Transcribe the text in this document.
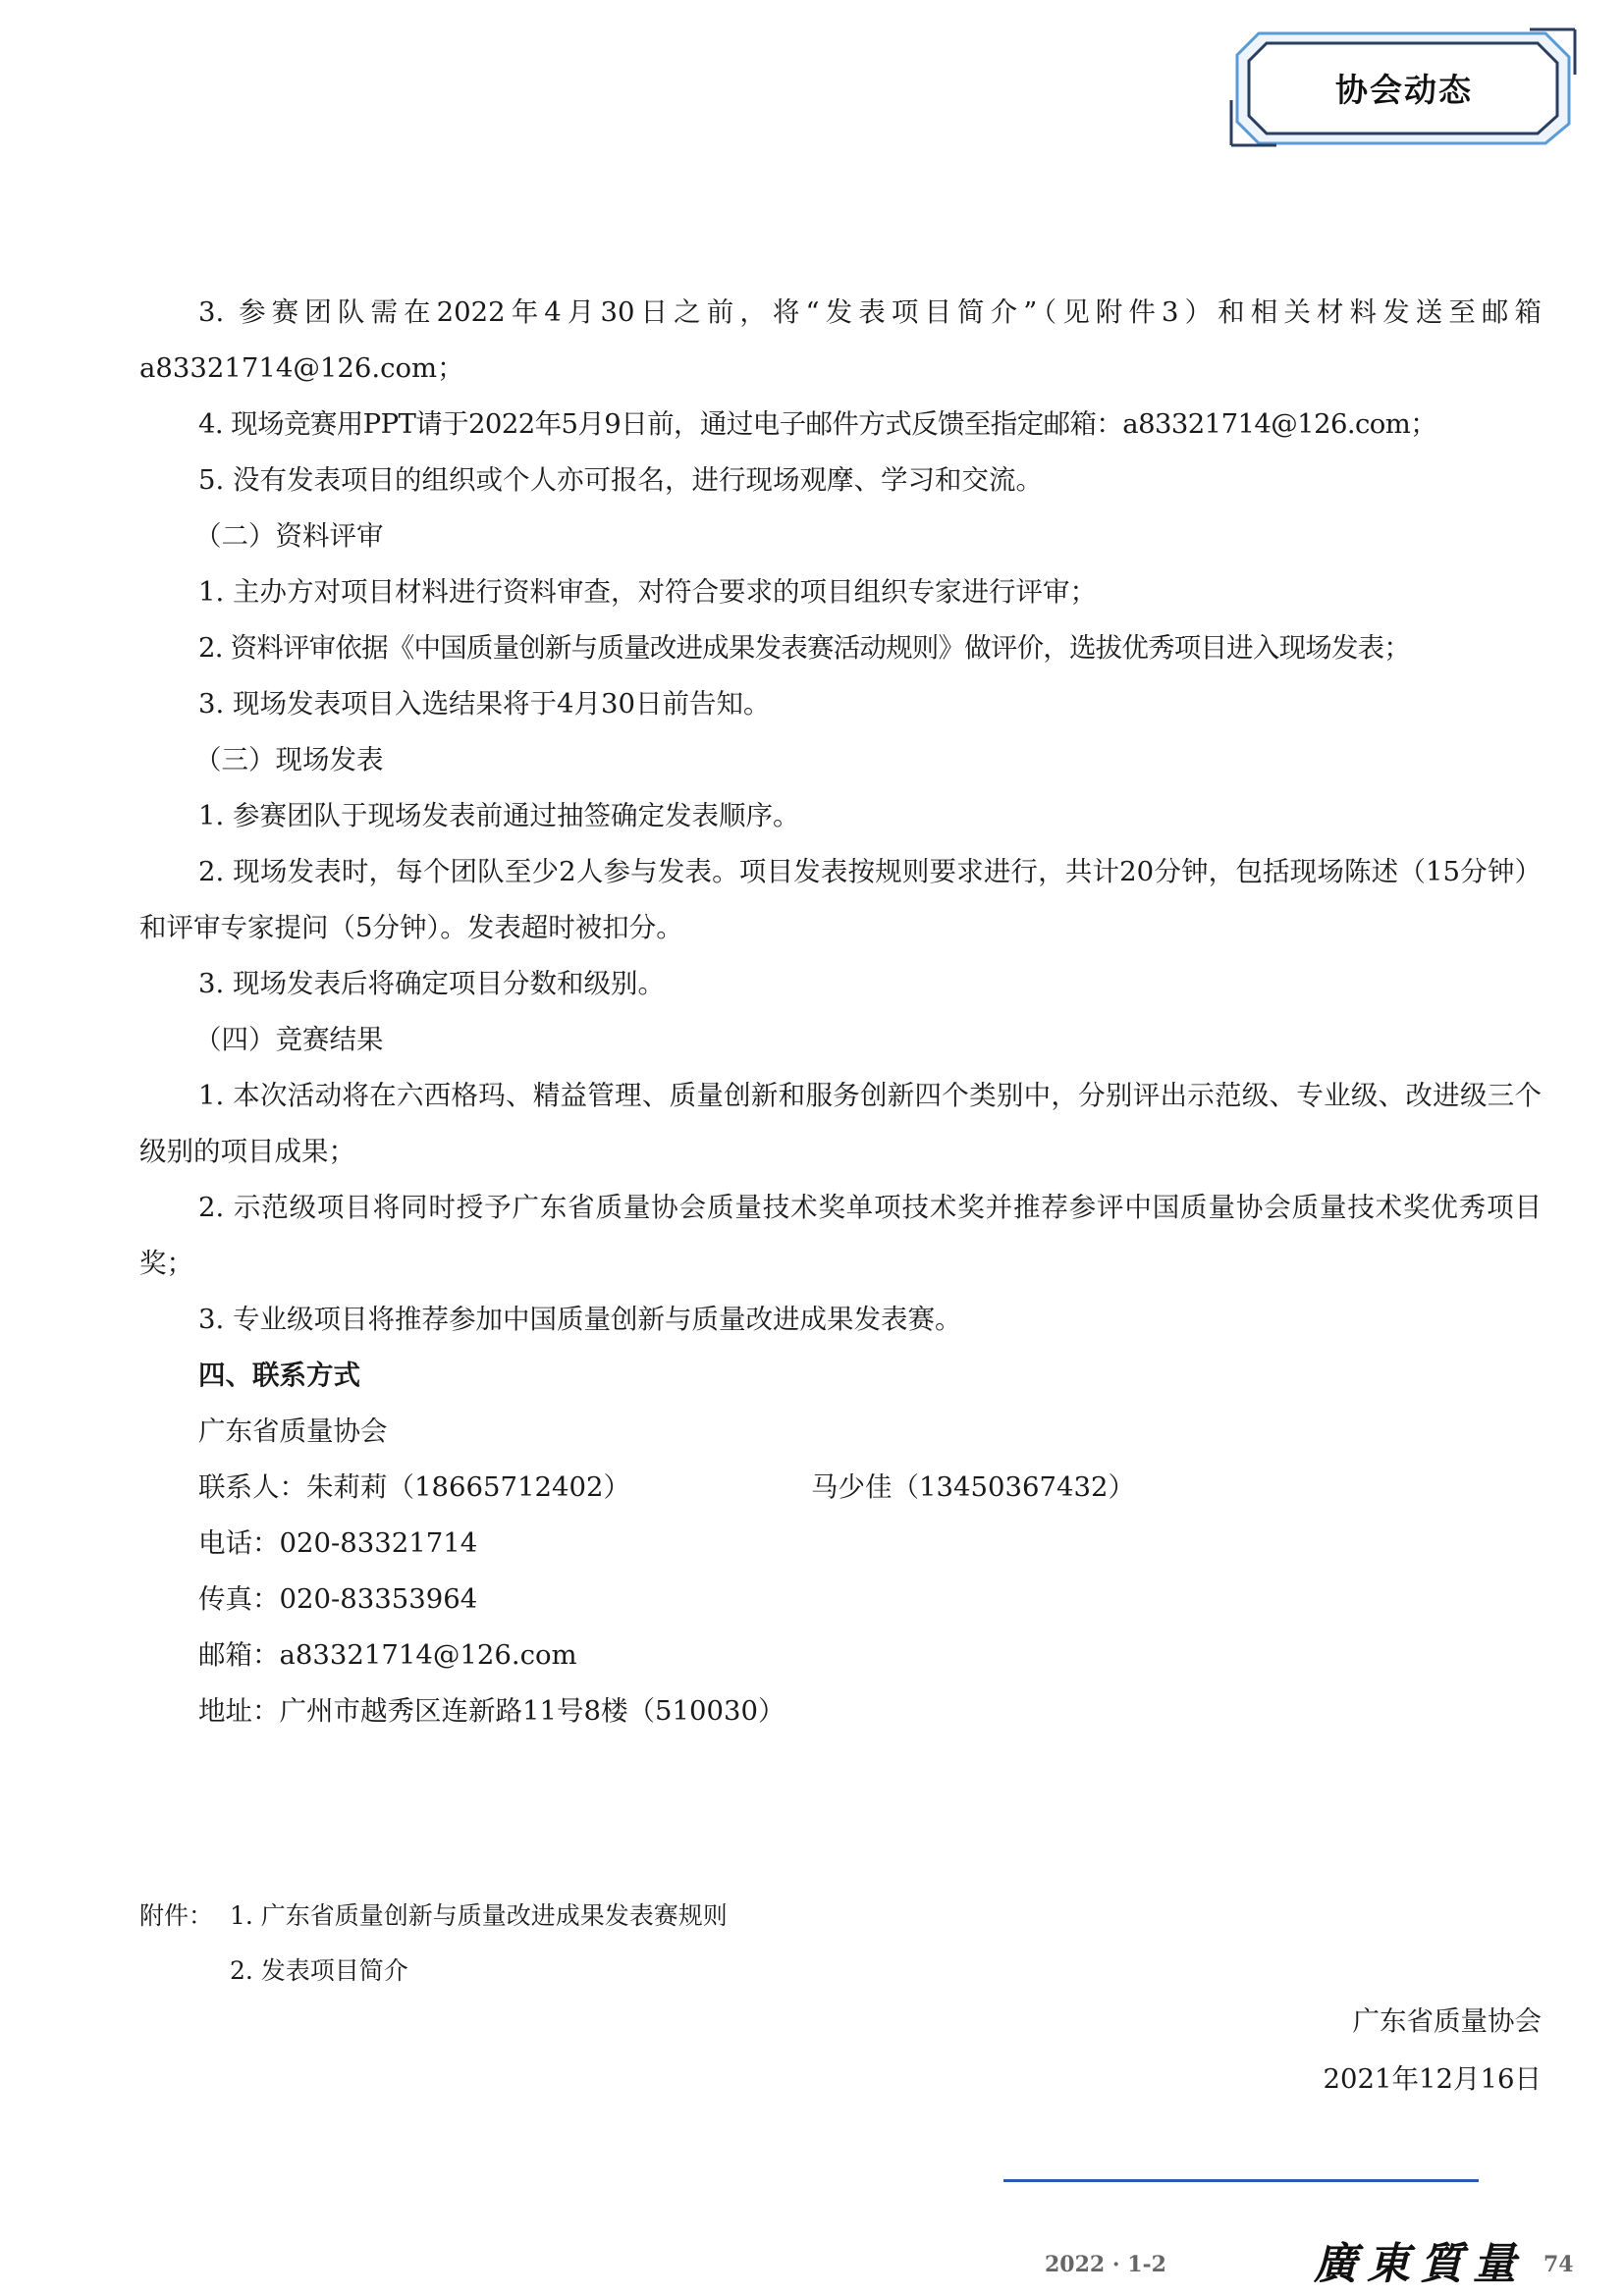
协会动态

3. 参赛团队需在2022年4月30日之前，将“发表项目简介”（见附件3）和相关材料发送至邮箱a83321714@126.com；

4. 现场竞赛用PPT请于2022年5月9日前，通过电子邮件方式反馈至指定邮箱：a83321714@126.com；

5. 没有发表项目的组织或个人亦可报名，进行现场观摩、学习和交流。

（二）资料评审

1. 主办方对项目材料进行资料审查，对符合要求的项目组织专家进行评审；

2. 资料评审依据《中国质量创新与质量改进成果发表赛活动规则》做评价，选拔优秀项目进入现场发表；

3. 现场发表项目入选结果将于4月30日前告知。

（三）现场发表

1. 参赛团队于现场发表前通过抽签确定发表顺序。

2. 现场发表时，每个团队至少2人参与发表。项目发表按规则要求进行，共计20分钟，包括现场陈述（15分钟）和评审专家提问（5分钟）。发表超时被扣分。

3. 现场发表后将确定项目分数和级别。

（四）竞赛结果

1. 本次活动将在六西格玛、精益管理、质量创新和服务创新四个类别中，分别评出示范级、专业级、改进级三个级别的项目成果；

2. 示范级项目将同时授予广东省质量协会质量技术奖单项技术奖并推荐参评中国质量协会质量技术奖优秀项目奖；

3. 专业级项目将推荐参加中国质量创新与质量改进成果发表赛。

四、联系方式

广东省质量协会

联系人：朱莉莉（18665712402）	马少佳（13450367432）

电话：020-83321714

传真：020-83353964

邮箱：a83321714@126.com

地址：广州市越秀区连新路11号8楼（510030）

附件： 1. 广东省质量创新与质量改进成果发表赛规则
2. 发表项目简介
广东省质量协会
2021年12月16日
2022 · 1-2	廣東質量 74
